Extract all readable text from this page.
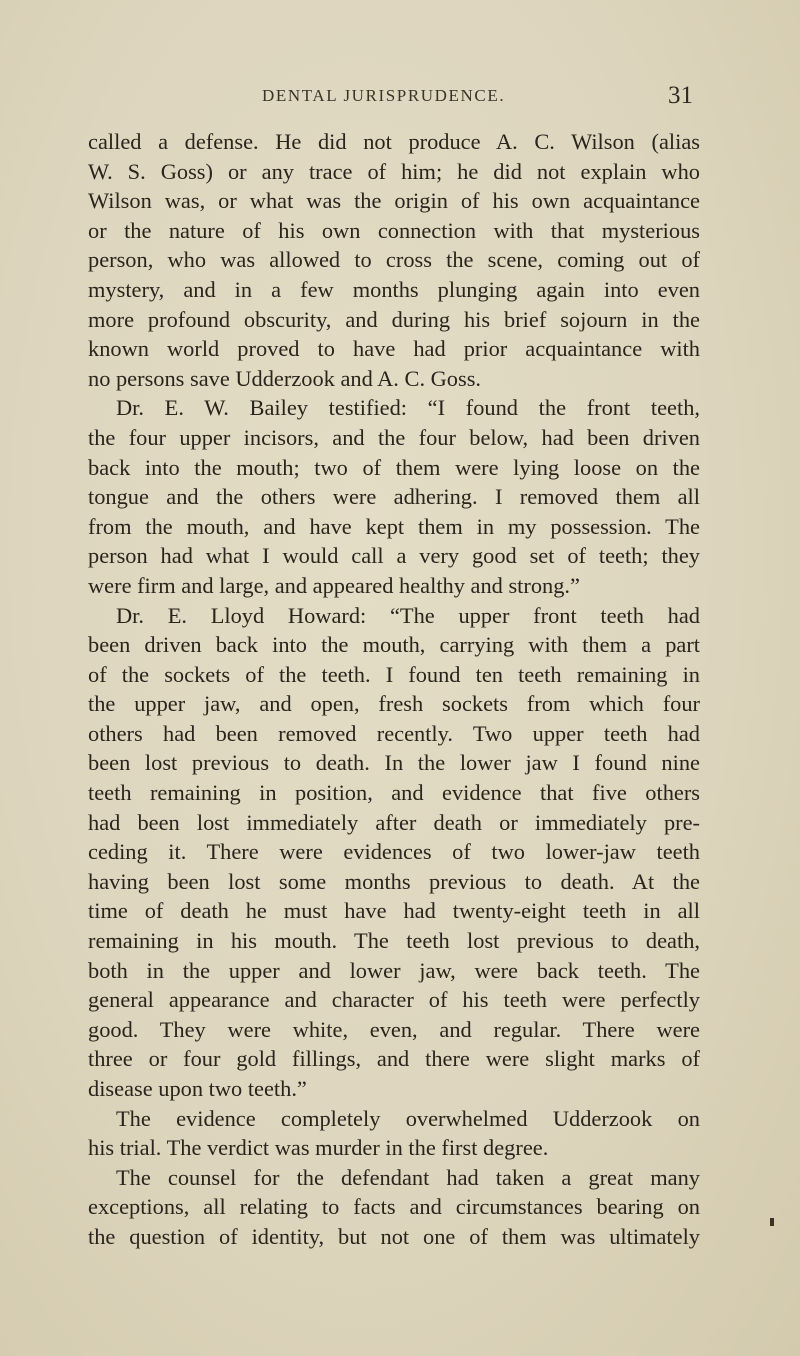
DENTAL JURISPRUDENCE.	31
called a defense. He did not produce A. C. Wilson (alias
W. S. Goss) or any trace of him; he did not explain who
Wilson was, or what was the origin of his own acquaintance
or the nature of his own connection with that mysterious
person, who was allowed to cross the scene, coming out of
mystery, and in a few months plunging again into even
more profound obscurity, and during his brief sojourn in the
known world proved to have had prior acquaintance with
no persons save Udderzook and A. C. Goss.
Dr. E. W. Bailey testified: “I found the front teeth,
the four upper incisors, and the four below, had been driven
back into the mouth; two of them were lying loose on the
tongue and the others were adhering. I removed them all
from the mouth, and have kept them in my possession. The
person had what I would call a very good set of teeth; they
were firm and large, and appeared healthy and strong.”
Dr. E. Lloyd Howard: “The upper front teeth had
been driven back into the mouth, carrying with them a part
of the sockets of the teeth. I found ten teeth remaining in
the upper jaw, and open, fresh sockets from which four
others had been removed recently. Two upper teeth had
been lost previous to death. In the lower jaw I found nine
teeth remaining in position, and evidence that five others
had been lost immediately after death or immediately pre-
ceding it. There were evidences of two lower-jaw teeth
having been lost some months previous to death. At the
time of death he must have had twenty-eight teeth in all
remaining in his mouth. The teeth lost previous to death,
both in the upper and lower jaw, were back teeth. The
general appearance and character of his teeth were perfectly
good. They were white, even, and regular. There were
three or four gold fillings, and there were slight marks of
disease upon two teeth.”
The evidence completely overwhelmed Udderzook on
his trial. The verdict was murder in the first degree.
The counsel for the defendant had taken a great many
exceptions, all relating to facts and circumstances bearing on
the question of identity, but not one of them was ultimately
